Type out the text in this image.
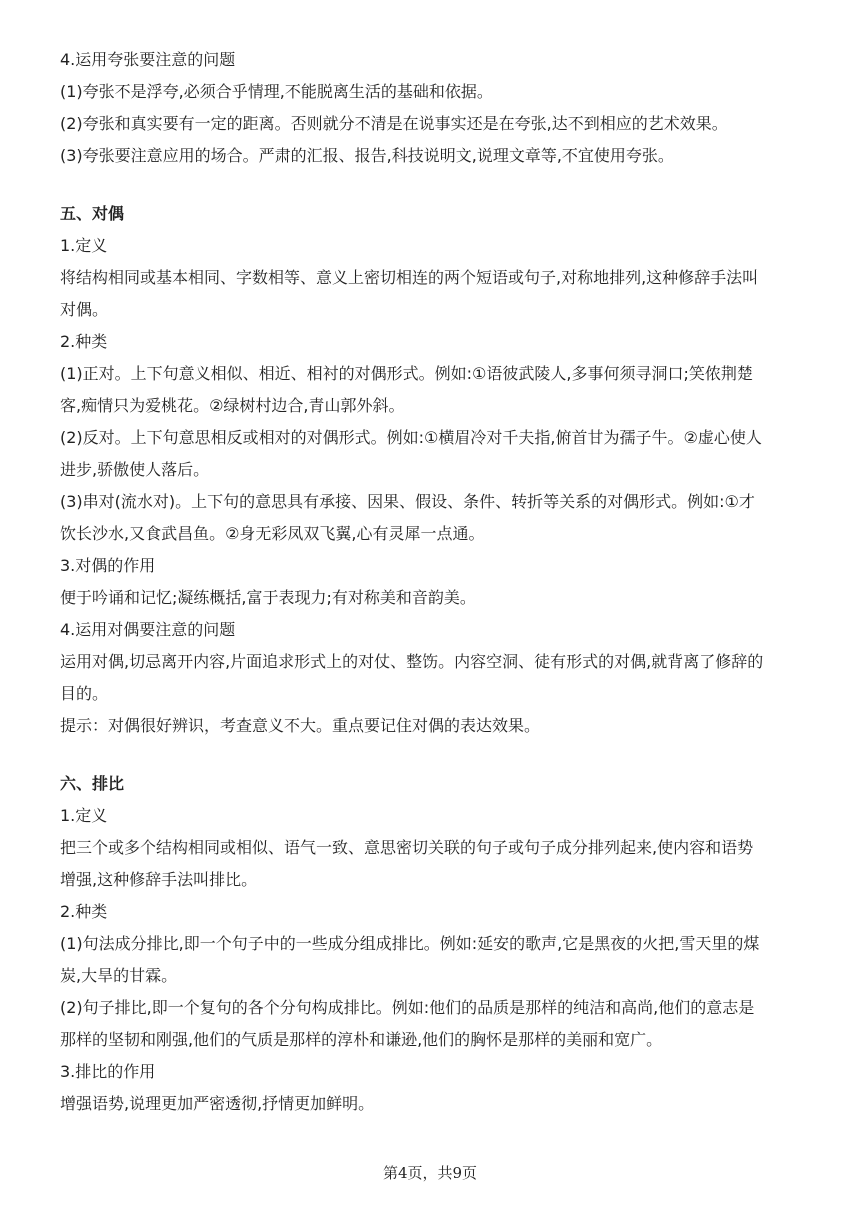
4.运用夸张要注意的问题
(1)夸张不是浮夸,必须合乎情理,不能脱离生活的基础和依据。
(2)夸张和真实要有一定的距离。否则就分不清是在说事实还是在夸张,达不到相应的艺术效果。
(3)夸张要注意应用的场合。严肃的汇报、报告,科技说明文,说理文章等,不宜使用夸张。
五、对偶
1.定义
将结构相同或基本相同、字数相等、意义上密切相连的两个短语或句子,对称地排列,这种修辞手法叫
对偶。
2.种类
(1)正对。上下句意义相似、相近、相衬的对偶形式。例如:①语彼武陵人,多事何须寻洞口;笑侬荆楚
客,痴情只为爱桃花。②绿树村边合,青山郭外斜。
(2)反对。上下句意思相反或相对的对偶形式。例如:①横眉冷对千夫指,俯首甘为孺子牛。②虚心使人
进步,骄傲使人落后。
(3)串对(流水对)。上下句的意思具有承接、因果、假设、条件、转折等关系的对偶形式。例如:①才
饮长沙水,又食武昌鱼。②身无彩凤双飞翼,心有灵犀一点通。
3.对偶的作用
便于吟诵和记忆;凝练概括,富于表现力;有对称美和音韵美。
4.运用对偶要注意的问题
运用对偶,切忌离开内容,片面追求形式上的对仗、整饬。内容空洞、徒有形式的对偶,就背离了修辞的
目的。
提示：对偶很好辨识，考查意义不大。重点要记住对偶的表达效果。
六、排比
1.定义
把三个或多个结构相同或相似、语气一致、意思密切关联的句子或句子成分排列起来,使内容和语势
增强,这种修辞手法叫排比。
2.种类
(1)句法成分排比,即一个句子中的一些成分组成排比。例如:延安的歌声,它是黑夜的火把,雪天里的煤
炭,大旱的甘霖。
(2)句子排比,即一个复句的各个分句构成排比。例如:他们的品质是那样的纯洁和高尚,他们的意志是
那样的坚韧和刚强,他们的气质是那样的淳朴和谦逊,他们的胸怀是那样的美丽和宽广。
3.排比的作用
增强语势,说理更加严密透彻,抒情更加鲜明。
第4页，共9页
